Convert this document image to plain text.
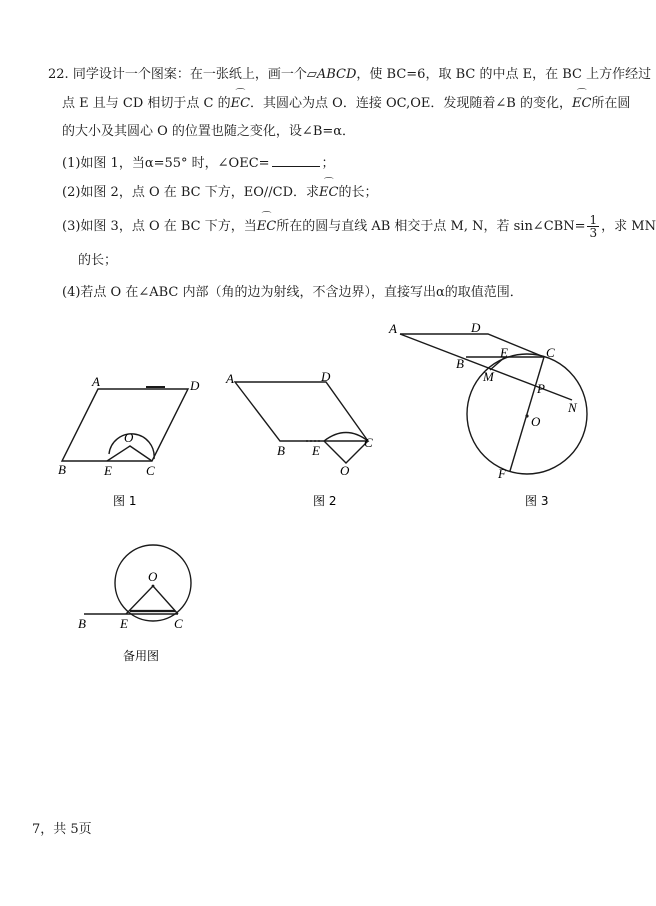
22. 同学设计一个图案：在一张纸上，画一个▱ABCD，使 BC=6，取 BC 的中点 E，在 BC 上方作经过
点 E 且与 CD 相切于点 C 的⌒ EC．其圆心为点 O．连接 OC,OE．发现随着∠B 的变化，⌒ EC所在圆
的大小及其圆心 O 的位置也随之变化，设∠B=α．
(1)如图 1，当α=55° 时，∠OEC=	；
(2)如图 2，点 O 在 BC 下方，EO//CD．求⌒ EC的长；
(3)如图 3，点 O 在 BC 下方，当⌒ EC所在的圆与直线 AB 相交于点 M, N，若 sin∠CBN= $\frac{1}{3}$ ，求 MN
的长；
(4)若点 O 在∠ABC 内部（角的边为射线，不含边界），直接写出α的取值范围．
A	D
B	E	C
O
图 1
A	D
B E
C
O
图 2
A	D
B
E	C
M
P
O
N
F
图 3
B	E	C
O
备用图
7，共 5页
